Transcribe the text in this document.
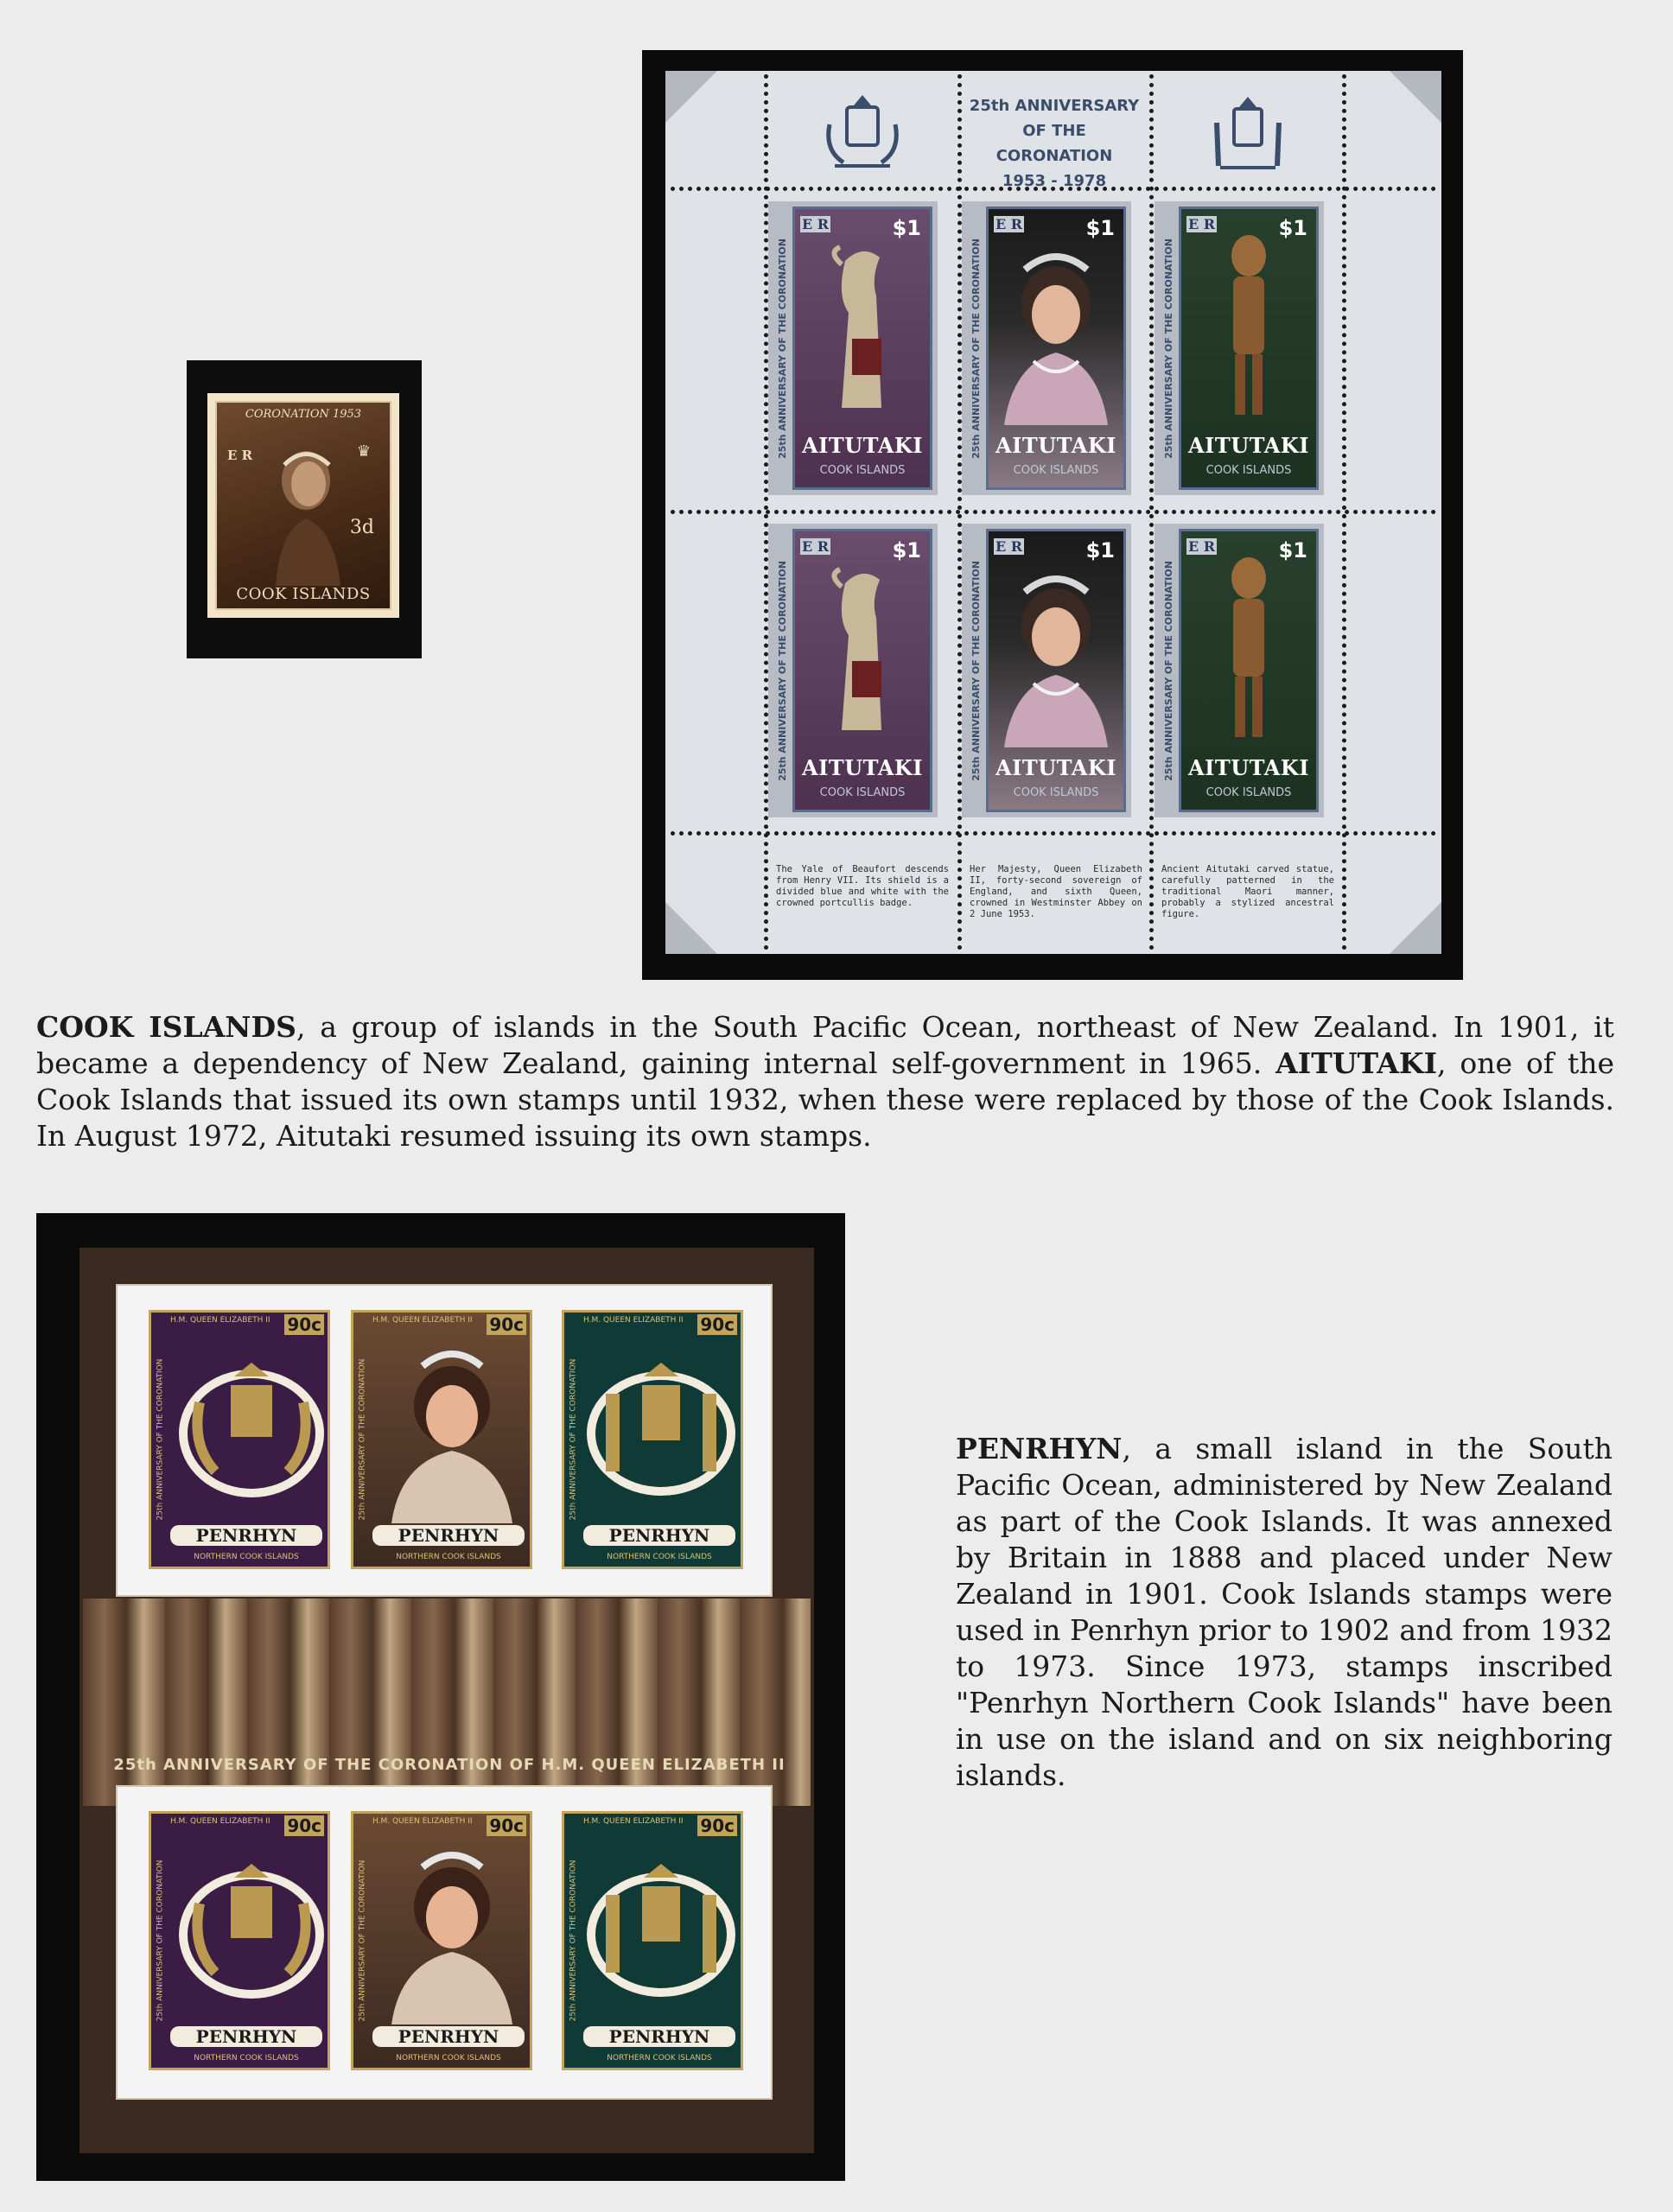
CORONATION 1953
E R	♛
3d
COOK ISLANDS
25th ANNIVERSARY
OF THE CORONATION
1953 - 1978
25th ANNIVERSARY OF THE CORONATION
E R	$1
AITUTAKI
COOK ISLANDS
25th ANNIVERSARY OF THE CORONATION
E R	$1
AITUTAKI
COOK ISLANDS
25th ANNIVERSARY OF THE CORONATION
E R	$1
AITUTAKI
COOK ISLANDS
25th ANNIVERSARY OF THE CORONATION
E R	$1
AITUTAKI
COOK ISLANDS
25th ANNIVERSARY OF THE CORONATION
E R	$1
AITUTAKI
COOK ISLANDS
25th ANNIVERSARY OF THE CORONATION
E R	$1
AITUTAKI
COOK ISLANDS
The Yale of Beaufort descends from Henry VII. Its shield is a divided blue and white with the crowned portcullis badge.
Her Majesty, Queen Elizabeth II, forty-second sovereign of England, and sixth Queen, crowned in Westminster Abbey on 2 June 1953.
Ancient Aitutaki carved statue, carefully patterned in the traditional Maori manner, probably a stylized ancestral figure.
COOK ISLANDS, a group of islands in the South Pacific Ocean, northeast of New Zealand. In 1901, it became a dependency of New Zealand, gaining internal self-government in 1965. AITUTAKI, one of the Cook Islands that issued its own stamps until 1932, when these were replaced by those of the Cook Islands. In August 1972, Aitutaki resumed issuing its own stamps.
PENRHYN, a small island in the South Pacific Ocean, administered by New Zealand as part of the Cook Islands. It was annexed by Britain in 1888 and placed under New Zealand in 1901. Cook Islands stamps were used in Penrhyn prior to 1902 and from 1932 to 1973. Since 1973, stamps inscribed "Penrhyn Northern Cook Islands" have been in use on the island and on six neighboring islands.
25th ANNIVERSARY OF THE CORONATION OF H.M. QUEEN ELIZABETH II
25th ANNIVERSARY OF THE CORONATION
H.M. QUEEN ELIZABETH II 90c
PENRHYN
NORTHERN COOK ISLANDS
25th ANNIVERSARY OF THE CORONATION
H.M. QUEEN ELIZABETH II 90c
PENRHYN
NORTHERN COOK ISLANDS
25th ANNIVERSARY OF THE CORONATION
H.M. QUEEN ELIZABETH II 90c
PENRHYN
NORTHERN COOK ISLANDS
25th ANNIVERSARY OF THE CORONATION
H.M. QUEEN ELIZABETH II 90c
PENRHYN
NORTHERN COOK ISLANDS
25th ANNIVERSARY OF THE CORONATION
H.M. QUEEN ELIZABETH II 90c
PENRHYN
NORTHERN COOK ISLANDS
25th ANNIVERSARY OF THE CORONATION
H.M. QUEEN ELIZABETH II 90c
PENRHYN
NORTHERN COOK ISLANDS
